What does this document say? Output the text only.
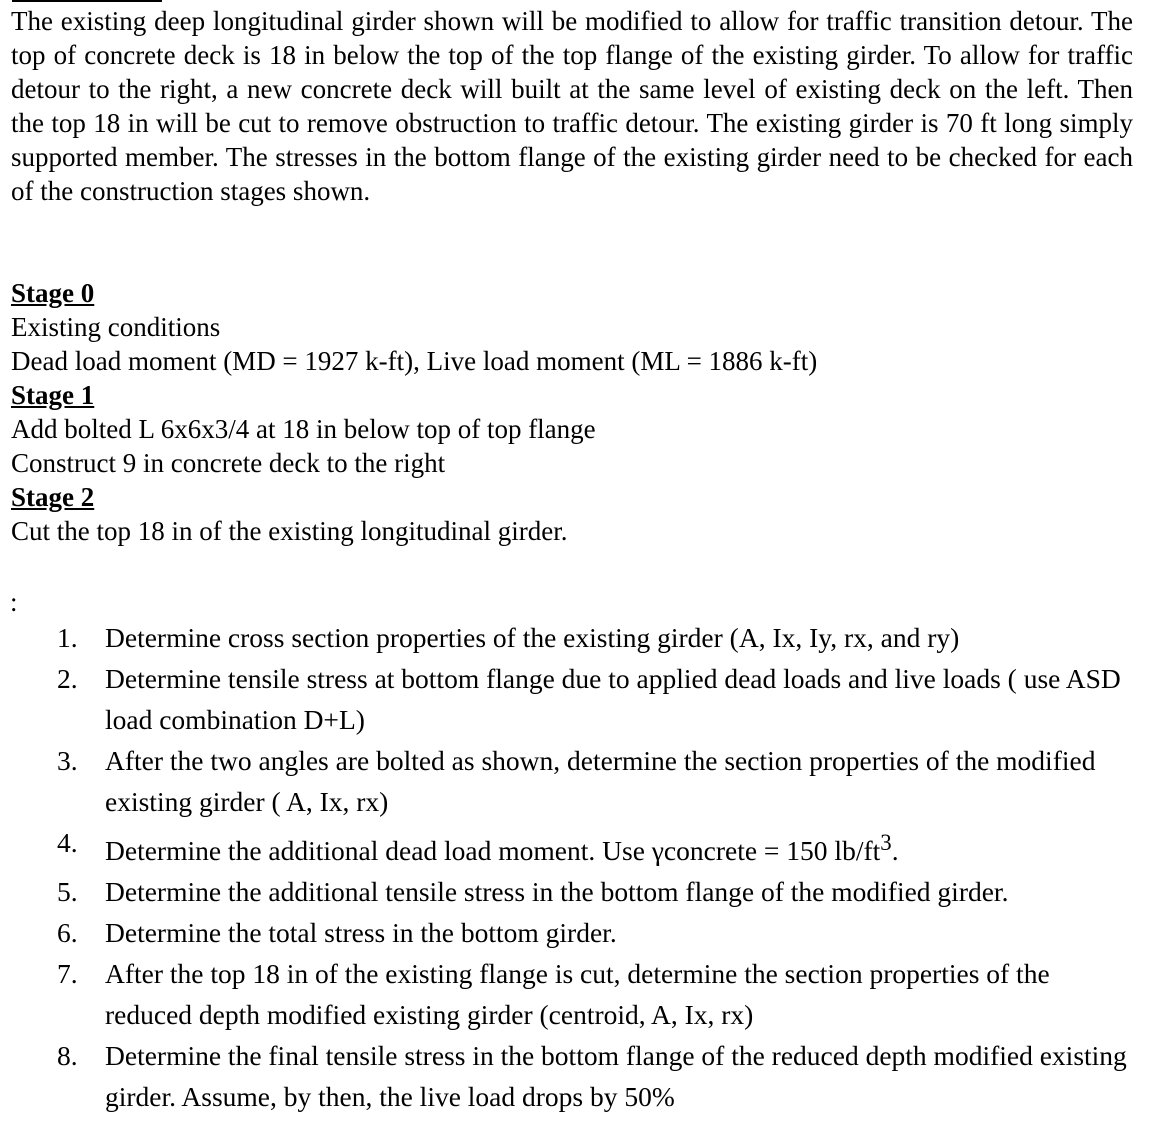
The existing deep longitudinal girder shown will be modified to allow for traffic transition detour. The top of concrete deck is 18 in below the top of the top flange of the existing girder. To allow for traffic detour to the right, a new concrete deck will built at the same level of existing deck on the left. Then the top 18 in will be cut to remove obstruction to traffic detour. The existing girder is 70 ft long simply supported member. The stresses in the bottom flange of the existing girder need to be checked for each of the construction stages shown.
Stage 0
Existing conditions
Dead load moment (MD = 1927 k-ft), Live load moment (ML = 1886 k-ft)
Stage 1
Add bolted L 6x6x3/4 at 18 in below top of top flange
Construct 9 in concrete deck to the right
Stage 2
Cut the top 18 in of the existing longitudinal girder.
:
1. Determine cross section properties of the existing girder (A, Ix, Iy, rx, and ry)
2. Determine tensile stress at bottom flange due to applied dead loads and live loads ( use ASD load combination D+L)
3. After the two angles are bolted as shown, determine the section properties of the modified existing girder ( A, Ix, rx)
4. Determine the additional dead load moment. Use γconcrete = 150 $lb/ft^3$.
5. Determine the additional tensile stress in the bottom flange of the modified girder.
6. Determine the total stress in the bottom girder.
7. After the top 18 in of the existing flange is cut, determine the section properties of the reduced depth modified existing girder (centroid, A, Ix, rx)
8. Determine the final tensile stress in the bottom flange of the reduced depth modified existing girder. Assume, by then, the live load drops by 50%
